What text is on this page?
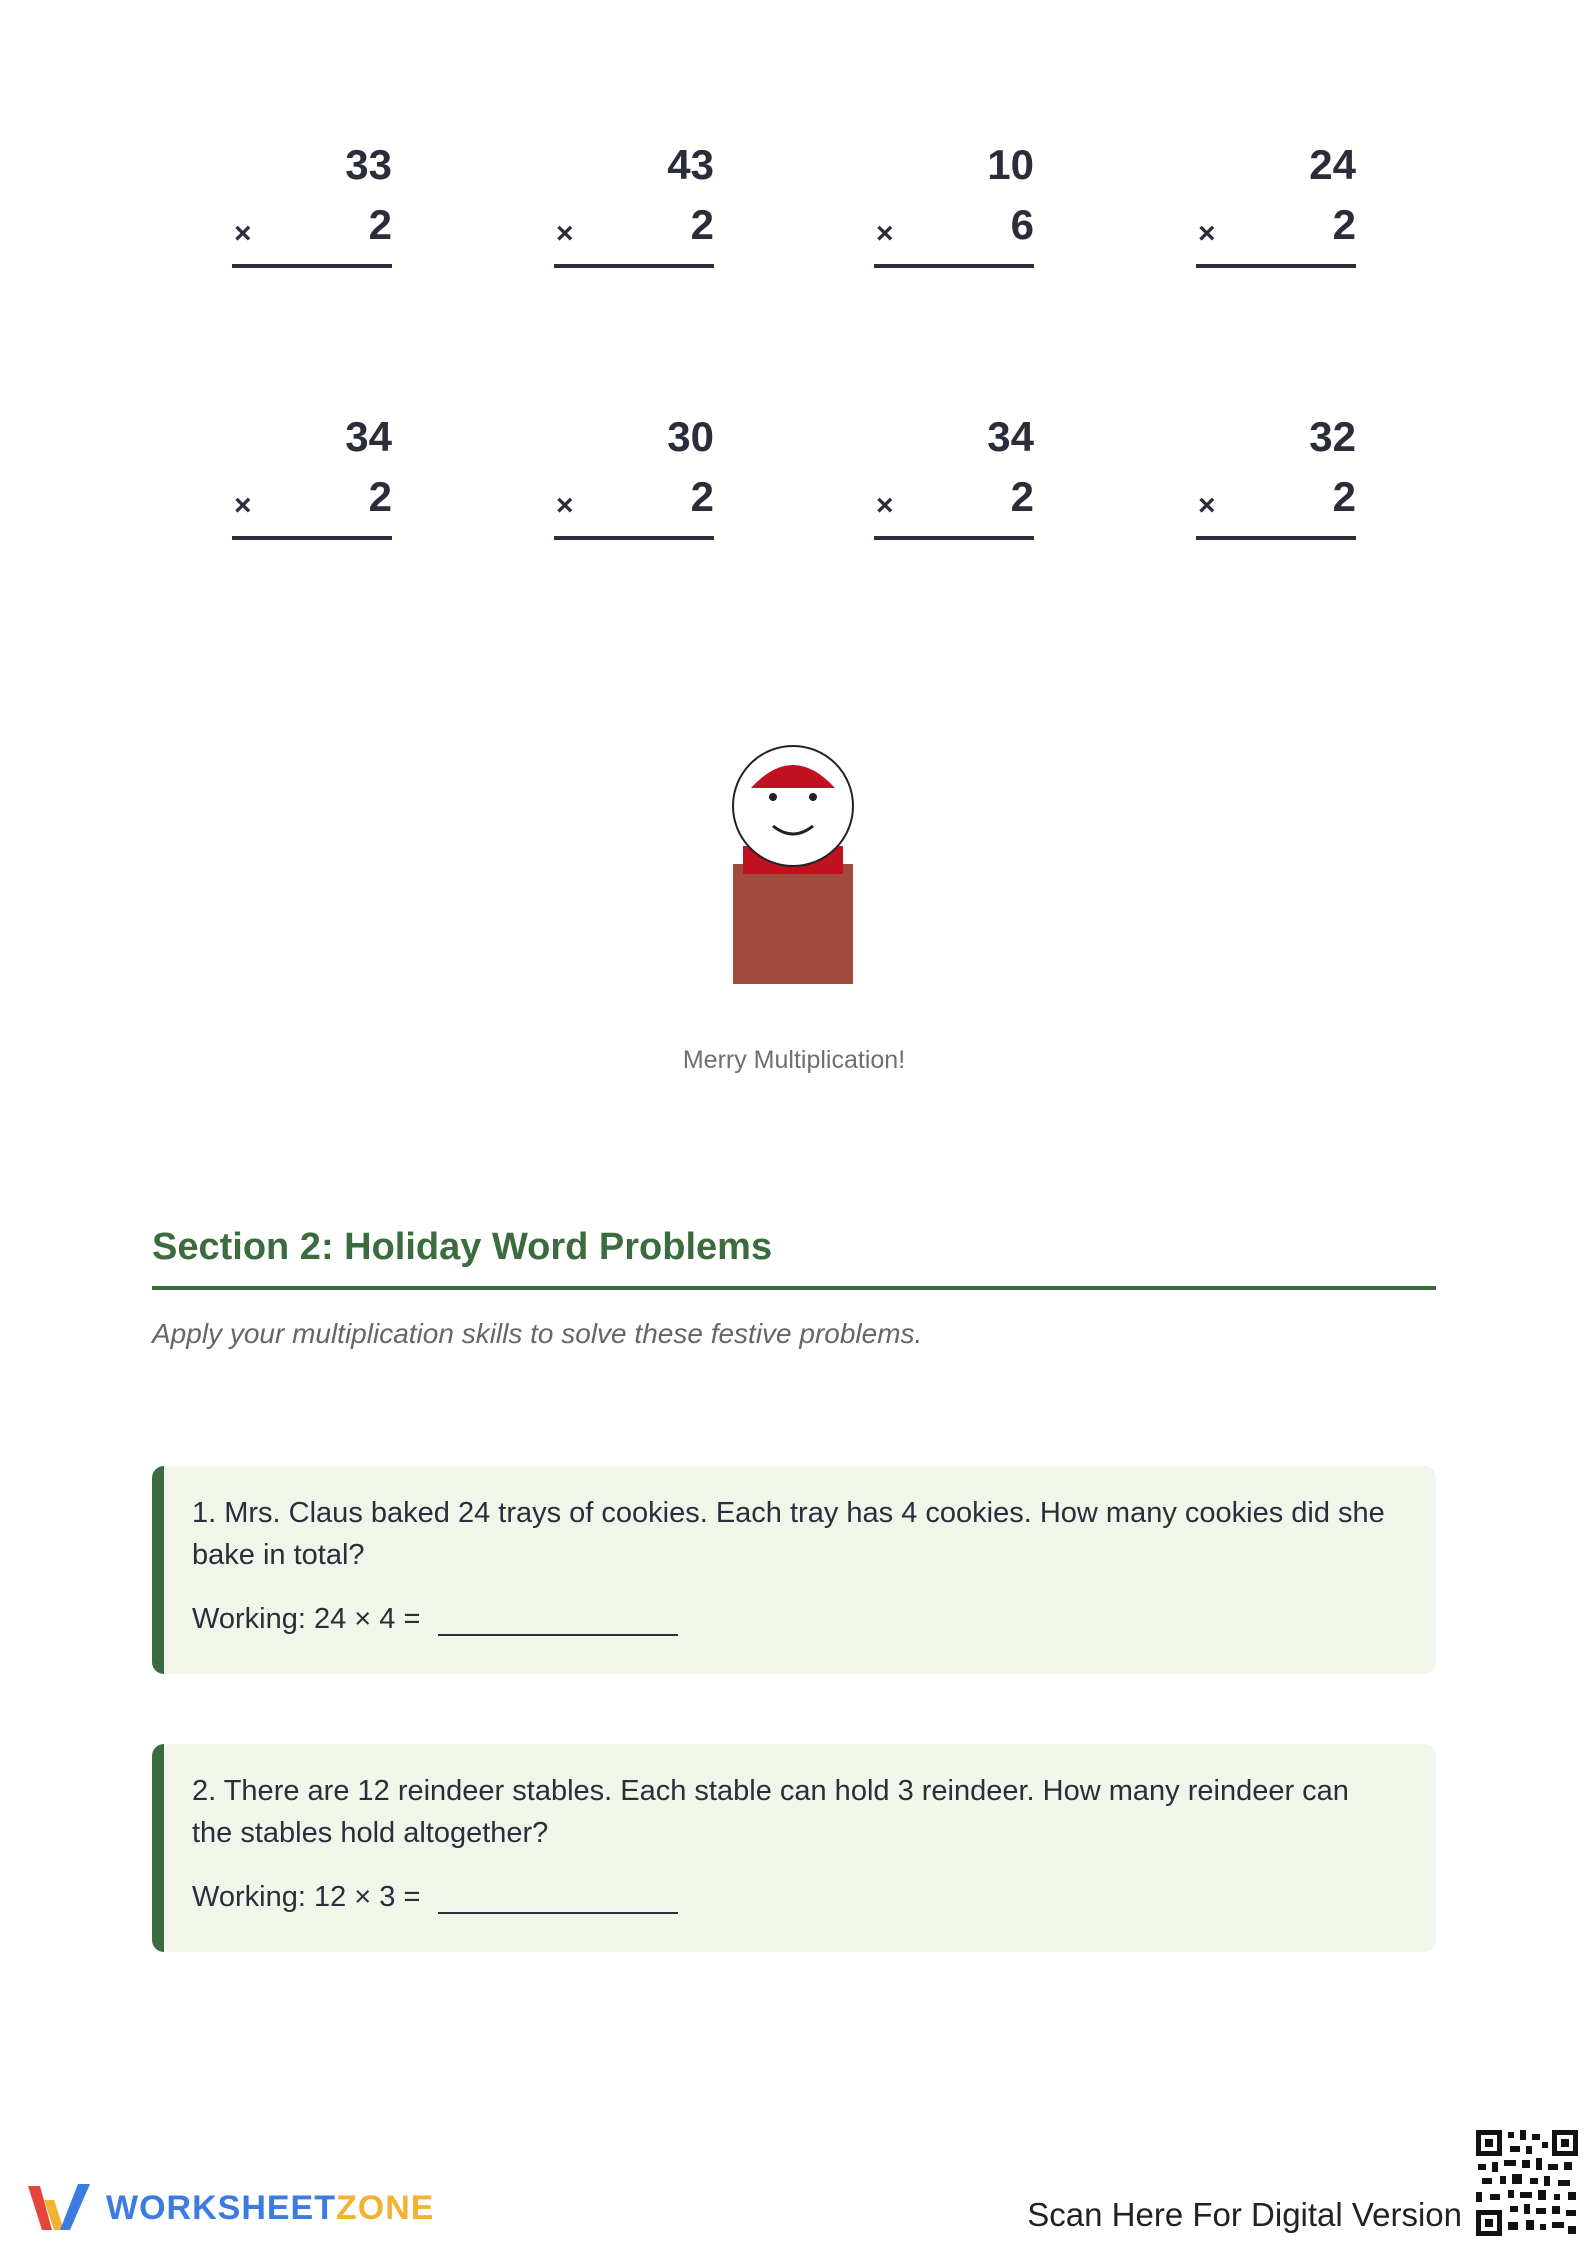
33
×	2
43
×	2
10
×	6
24
×	2
34
×	2
30
×	2
34
×	2
32
×	2
Merry Multiplication!
Section 2: Holiday Word Problems
Apply your multiplication skills to solve these festive problems.
1. Mrs. Claus baked 24 trays of cookies. Each tray has 4 cookies. How many cookies did she bake in total?
Working: 24 × 4 =
2. There are 12 reindeer stables. Each stable can hold 3 reindeer. How many reindeer can the stables hold altogether?
Working: 12 × 3 =
WORKSHEETZONE	Scan Here For Digital Version
